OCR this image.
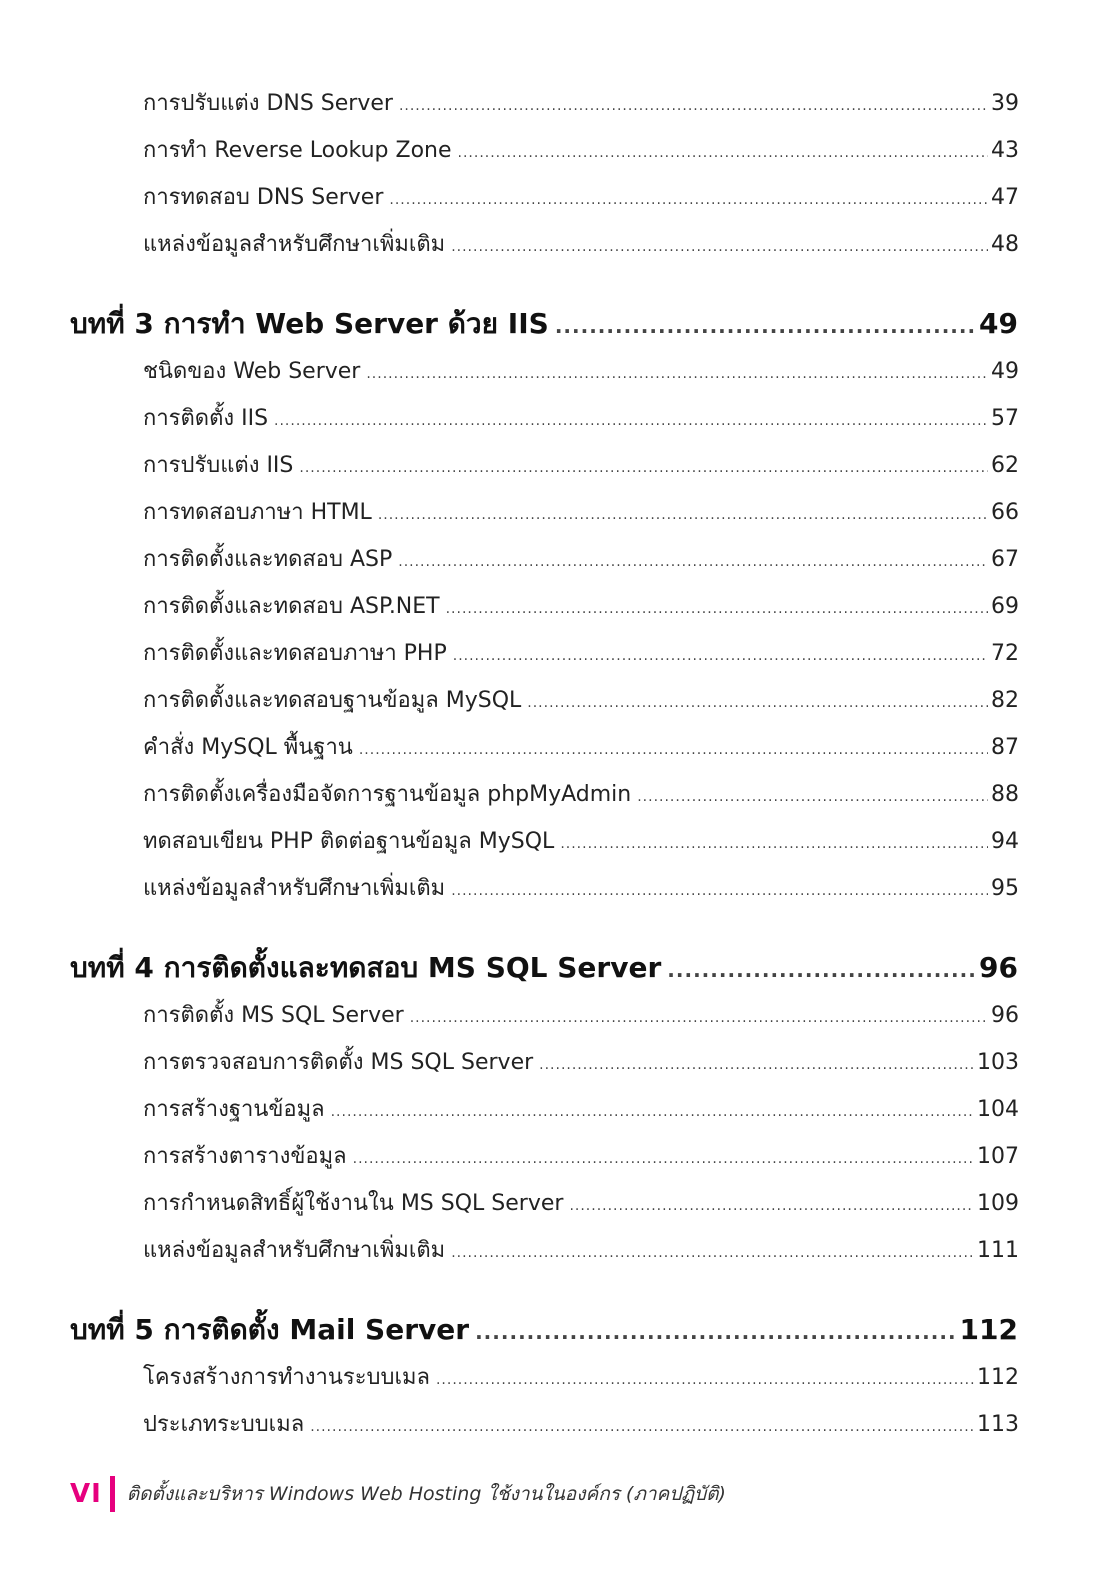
การปรับแต่ง DNS Server .....	39
การทำ Reverse Lookup Zone .....	43
การทดสอบ DNS Server .....	47
แหล่งข้อมูลสำหรับศึกษาเพิ่มเติม .....	48
บทที่ 3 การทำ Web Server ด้วย IIS .....	49
ชนิดของ Web Server .....	49
การติดตั้ง IIS .....	57
การปรับแต่ง IIS .....	62
การทดสอบภาษา HTML .....	66
การติดตั้งและทดสอบ ASP .....	67
การติดตั้งและทดสอบ ASP.NET .....	69
การติดตั้งและทดสอบภาษา PHP .....	72
การติดตั้งและทดสอบฐานข้อมูล MySQL .....	82
คำสั่ง MySQL พื้นฐาน .....	87
การติดตั้งเครื่องมือจัดการฐานข้อมูล phpMyAdmin .....	88
ทดสอบเขียน PHP ติดต่อฐานข้อมูล MySQL .....	94
แหล่งข้อมูลสำหรับศึกษาเพิ่มเติม .....	95
บทที่ 4 การติดตั้งและทดสอบ MS SQL Server .....	96
การติดตั้ง MS SQL Server .....	96
การตรวจสอบการติดตั้ง MS SQL Server .....	103
การสร้างฐานข้อมูล .....	104
การสร้างตารางข้อมูล .....	107
การกำหนดสิทธิ์ผู้ใช้งานใน MS SQL Server .....	109
แหล่งข้อมูลสำหรับศึกษาเพิ่มเติม .....	111
บทที่ 5 การติดตั้ง Mail Server .....	112
โครงสร้างการทำงานระบบเมล .....	112
ประเภทระบบเมล .....	113
VI ติดตั้งและบริหาร Windows Web Hosting ใช้งานในองค์กร (ภาคปฏิบัติ)
